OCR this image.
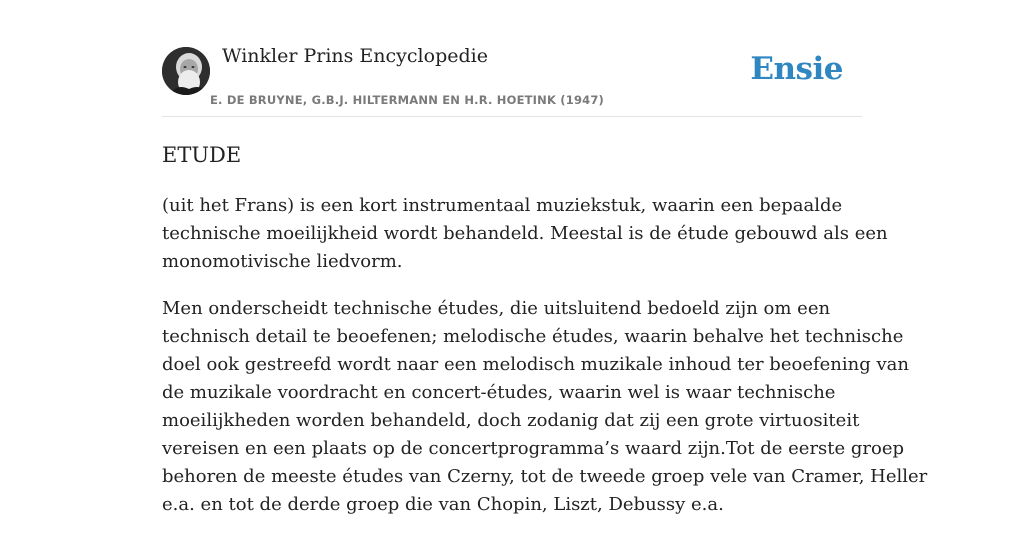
Winkler Prins Encyclopedie
E. DE BRUYNE, G.B.J. HILTERMANN EN H.R. HOETINK (1947)
Ensie
ETUDE

(uit het Frans) is een kort instrumentaal muziekstuk, waarin een bepaalde
technische moeilijkheid wordt behandeld. Meestal is de étude gebouwd als een
monomotivische liedvorm.

Men onderscheidt technische études, die uitsluitend bedoeld zijn om een
technisch detail te beoefenen; melodische études, waarin behalve het technische
doel ook gestreefd wordt naar een melodisch muzikale inhoud ter beoefening van
de muzikale voordracht en concert-études, waarin wel is waar technische
moeilijkheden worden behandeld, doch zodanig dat zij een grote virtuositeit
vereisen en een plaats op de concertprogramma’s waard zijn.Tot de eerste groep
behoren de meeste études van Czerny, tot de tweede groep vele van Cramer, Heller
e.a. en tot de derde groep die van Chopin, Liszt, Debussy e.a.
